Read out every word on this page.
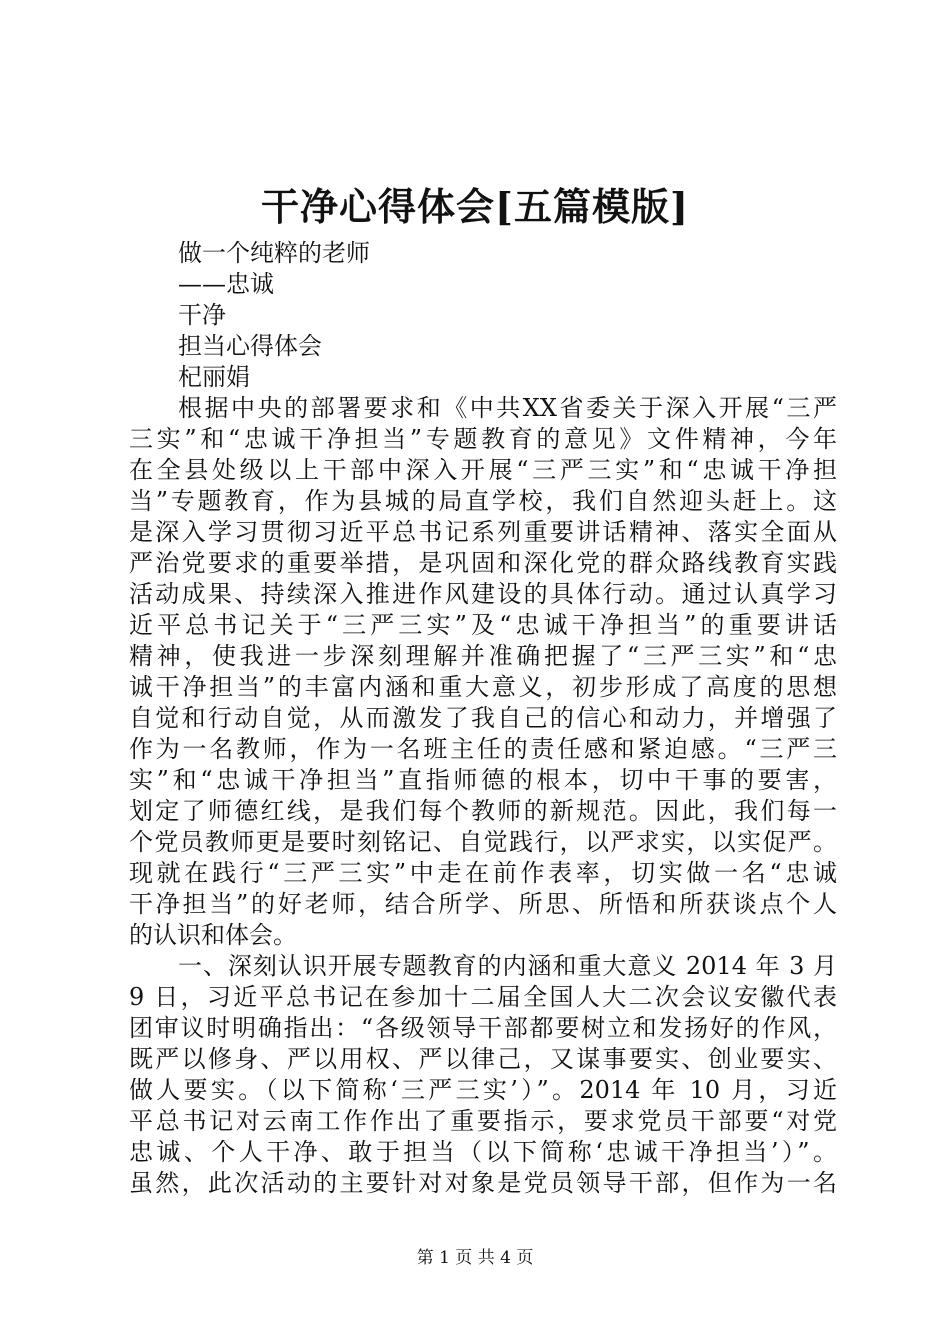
干净心得体会[五篇模版]
做一个纯粹的老师
——忠诚
干净
担当心得体会
杞丽娟
根据中央的部署要求和《中共XX省委关于深入开展“三严
三实”和“忠诚干净担当”专题教育的意见》文件精神，今年
在全县处级以上干部中深入开展“三严三实”和“忠诚干净担
当”专题教育，作为县城的局直学校，我们自然迎头赶上。这
是深入学习贯彻习近平总书记系列重要讲话精神、落实全面从
严治党要求的重要举措，是巩固和深化党的群众路线教育实践
活动成果、持续深入推进作风建设的具体行动。通过认真学习
近平总书记关于“三严三实”及“忠诚干净担当”的重要讲话
精神，使我进一步深刻理解并准确把握了“三严三实”和“忠
诚干净担当”的丰富内涵和重大意义，初步形成了高度的思想
自觉和行动自觉，从而激发了我自己的信心和动力，并增强了
作为一名教师，作为一名班主任的责任感和紧迫感。“三严三
实”和“忠诚干净担当”直指师德的根本，切中干事的要害，
划定了师德红线，是我们每个教师的新规范。因此，我们每一
个党员教师更是要时刻铭记、自觉践行，以严求实，以实促严。
现就在践行“三严三实”中走在前作表率，切实做一名“忠诚
干净担当”的好老师，结合所学、所思、所悟和所获谈点个人
的认识和体会。
一、深刻认识开展专题教育的内涵和重大意义 2014 年 3 月
9 日，习近平总书记在参加十二届全国人大二次会议安徽代表
团审议时明确指出：“各级领导干部都要树立和发扬好的作风，
既严以修身、严以用权、严以律己，又谋事要实、创业要实、
做人要实。（以下简称‘三严三实’）”。2014 年 10 月，习近
平总书记对云南工作作出了重要指示，要求党员干部要“对党
忠诚、个人干净、敢于担当（以下简称‘忠诚干净担当’）”。
虽然，此次活动的主要针对对象是党员领导干部，但作为一名
第 1 页 共 4 页
